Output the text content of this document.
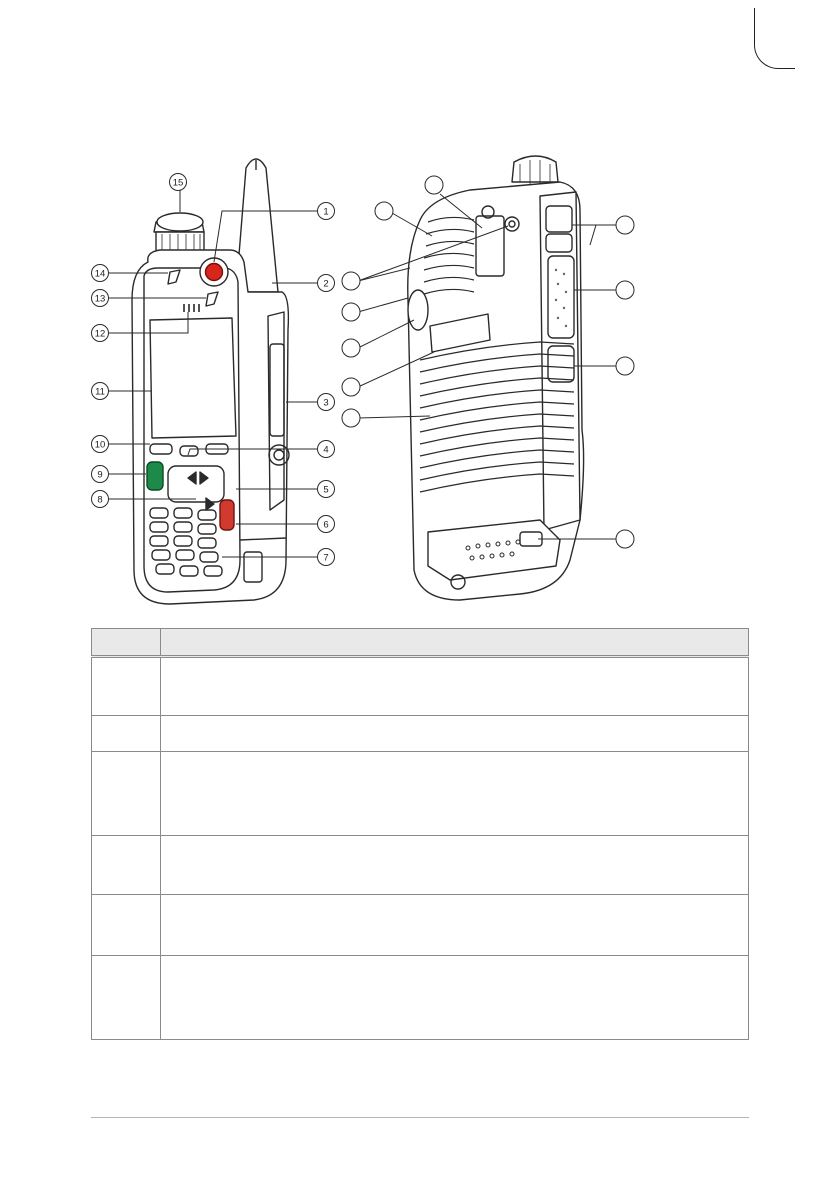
15
1
2
3
4
5
6
7
8
9
10
11
12
13
14
